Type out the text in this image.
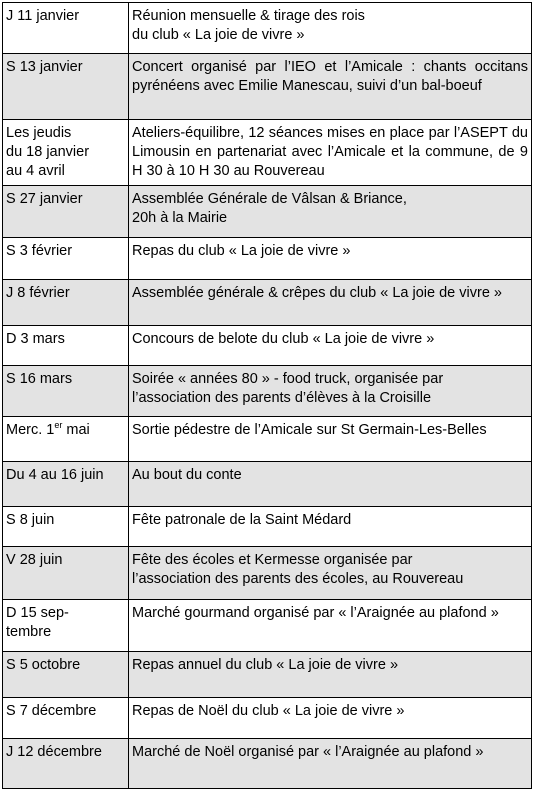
J 11 janvier	Réunion mensuelle & tirage des rois
du club « La joie de vivre »

S 13 janvier	Concert organisé par l’IEO et l’Amicale : chants occitans pyrénéens avec Emilie Manescau, suivi d’un bal-boeuf

Les jeudis
du 18 janvier
au 4 avril	Ateliers-équilibre, 12 séances mises en place par l’ASEPT du Limousin en partenariat avec l’Amicale et la commune, de 9 H 30 à 10 H 30 au Rouvereau

S 27 janvier	Assemblée Générale de Vâlsan & Briance,
20h à la Mairie

S 3 février	Repas du club « La joie de vivre »

J 8 février	Assemblée générale & crêpes du club « La joie de vivre »

D 3 mars	Concours de belote du club « La joie de vivre »

S 16 mars	Soirée « années 80 » - food truck, organisée par
l’association des parents d’élèves à la Croisille

Merc. 1er mai	Sortie pédestre de l’Amicale sur St Germain-Les-Belles

Du 4 au 16 juin	Au bout du conte

S 8 juin	Fête patronale de la Saint Médard

V 28 juin	Fête des écoles et Kermesse organisée par
l’association des parents des écoles, au Rouvereau

D 15 sep-
tembre	Marché gourmand organisé par « l’Araignée au plafond »

S 5 octobre	Repas annuel du club « La joie de vivre »

S 7 décembre	Repas de Noël du club « La joie de vivre »

J 12 décembre	Marché de Noël organisé par « l’Araignée au plafond »
